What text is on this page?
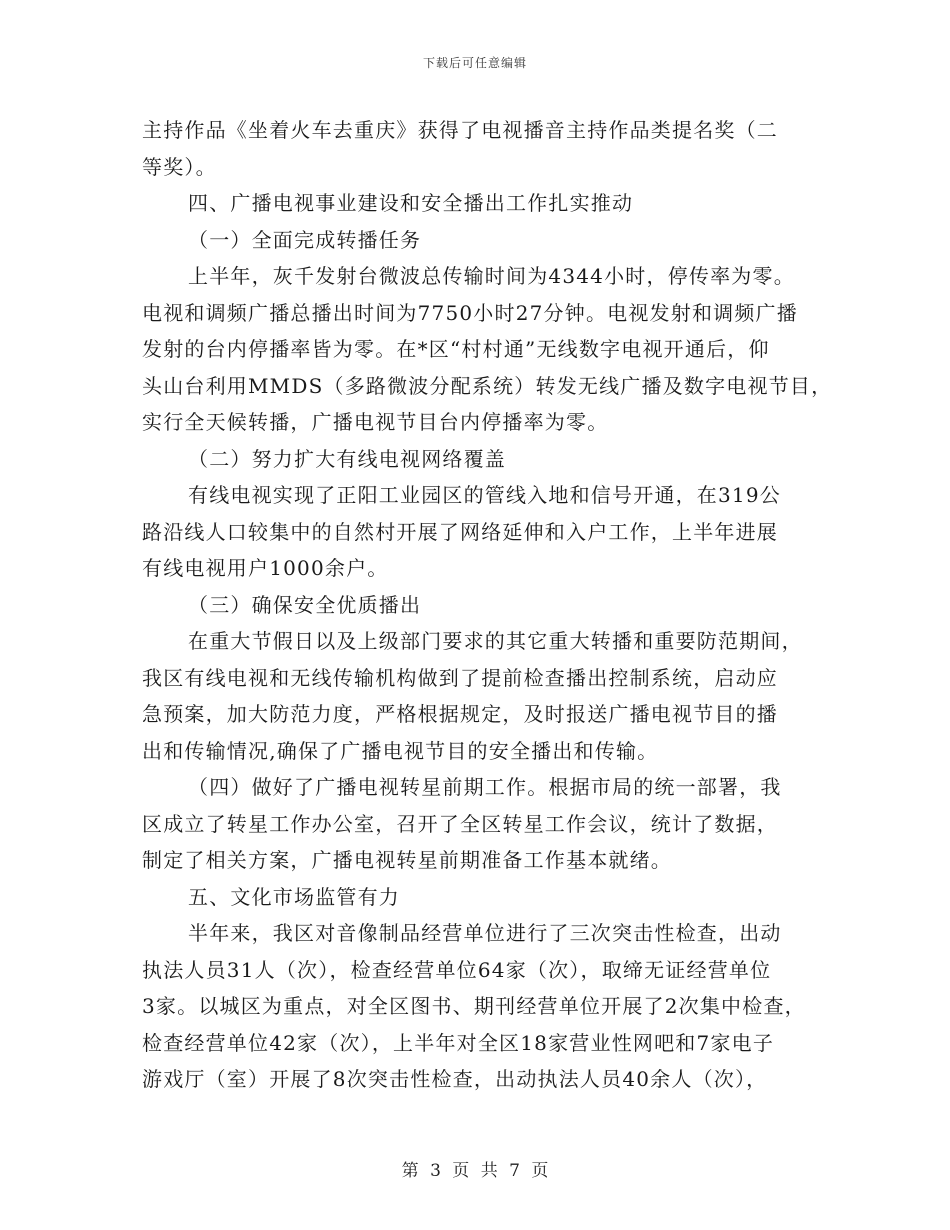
下载后可任意编辑
主持作品《坐着火车去重庆》获得了电视播音主持作品类提名奖（二
等奖）。
四、广播电视事业建设和安全播出工作扎实推动
（一）全面完成转播任务
上半年，灰千发射台微波总传输时间为4344小时，停传率为零。
电视和调频广播总播出时间为7750小时27分钟。电视发射和调频广播
发射的台内停播率皆为零。在*区“村村通”无线数字电视开通后，仰
头山台利用MMDS（多路微波分配系统）转发无线广播及数字电视节目，
实行全天候转播，广播电视节目台内停播率为零。
（二）努力扩大有线电视网络覆盖
有线电视实现了正阳工业园区的管线入地和信号开通，在319公
路沿线人口较集中的自然村开展了网络延伸和入户工作，上半年进展
有线电视用户1000余户。
（三）确保安全优质播出
在重大节假日以及上级部门要求的其它重大转播和重要防范期间，
我区有线电视和无线传输机构做到了提前检查播出控制系统，启动应
急预案，加大防范力度，严格根据规定，及时报送广播电视节目的播
出和传输情况,确保了广播电视节目的安全播出和传输。
（四）做好了广播电视转星前期工作。根据市局的统一部署，我
区成立了转星工作办公室，召开了全区转星工作会议，统计了数据，
制定了相关方案，广播电视转星前期准备工作基本就绪。
五、文化市场监管有力
半年来，我区对音像制品经营单位进行了三次突击性检查，出动
执法人员31人（次），检查经营单位64家（次），取缔无证经营单位
3家。以城区为重点，对全区图书、期刊经营单位开展了2次集中检查，
检查经营单位42家（次），上半年对全区18家营业性网吧和7家电子
游戏厅（室）开展了8次突击性检查，出动执法人员40余人（次），
第 3 页 共 7 页
